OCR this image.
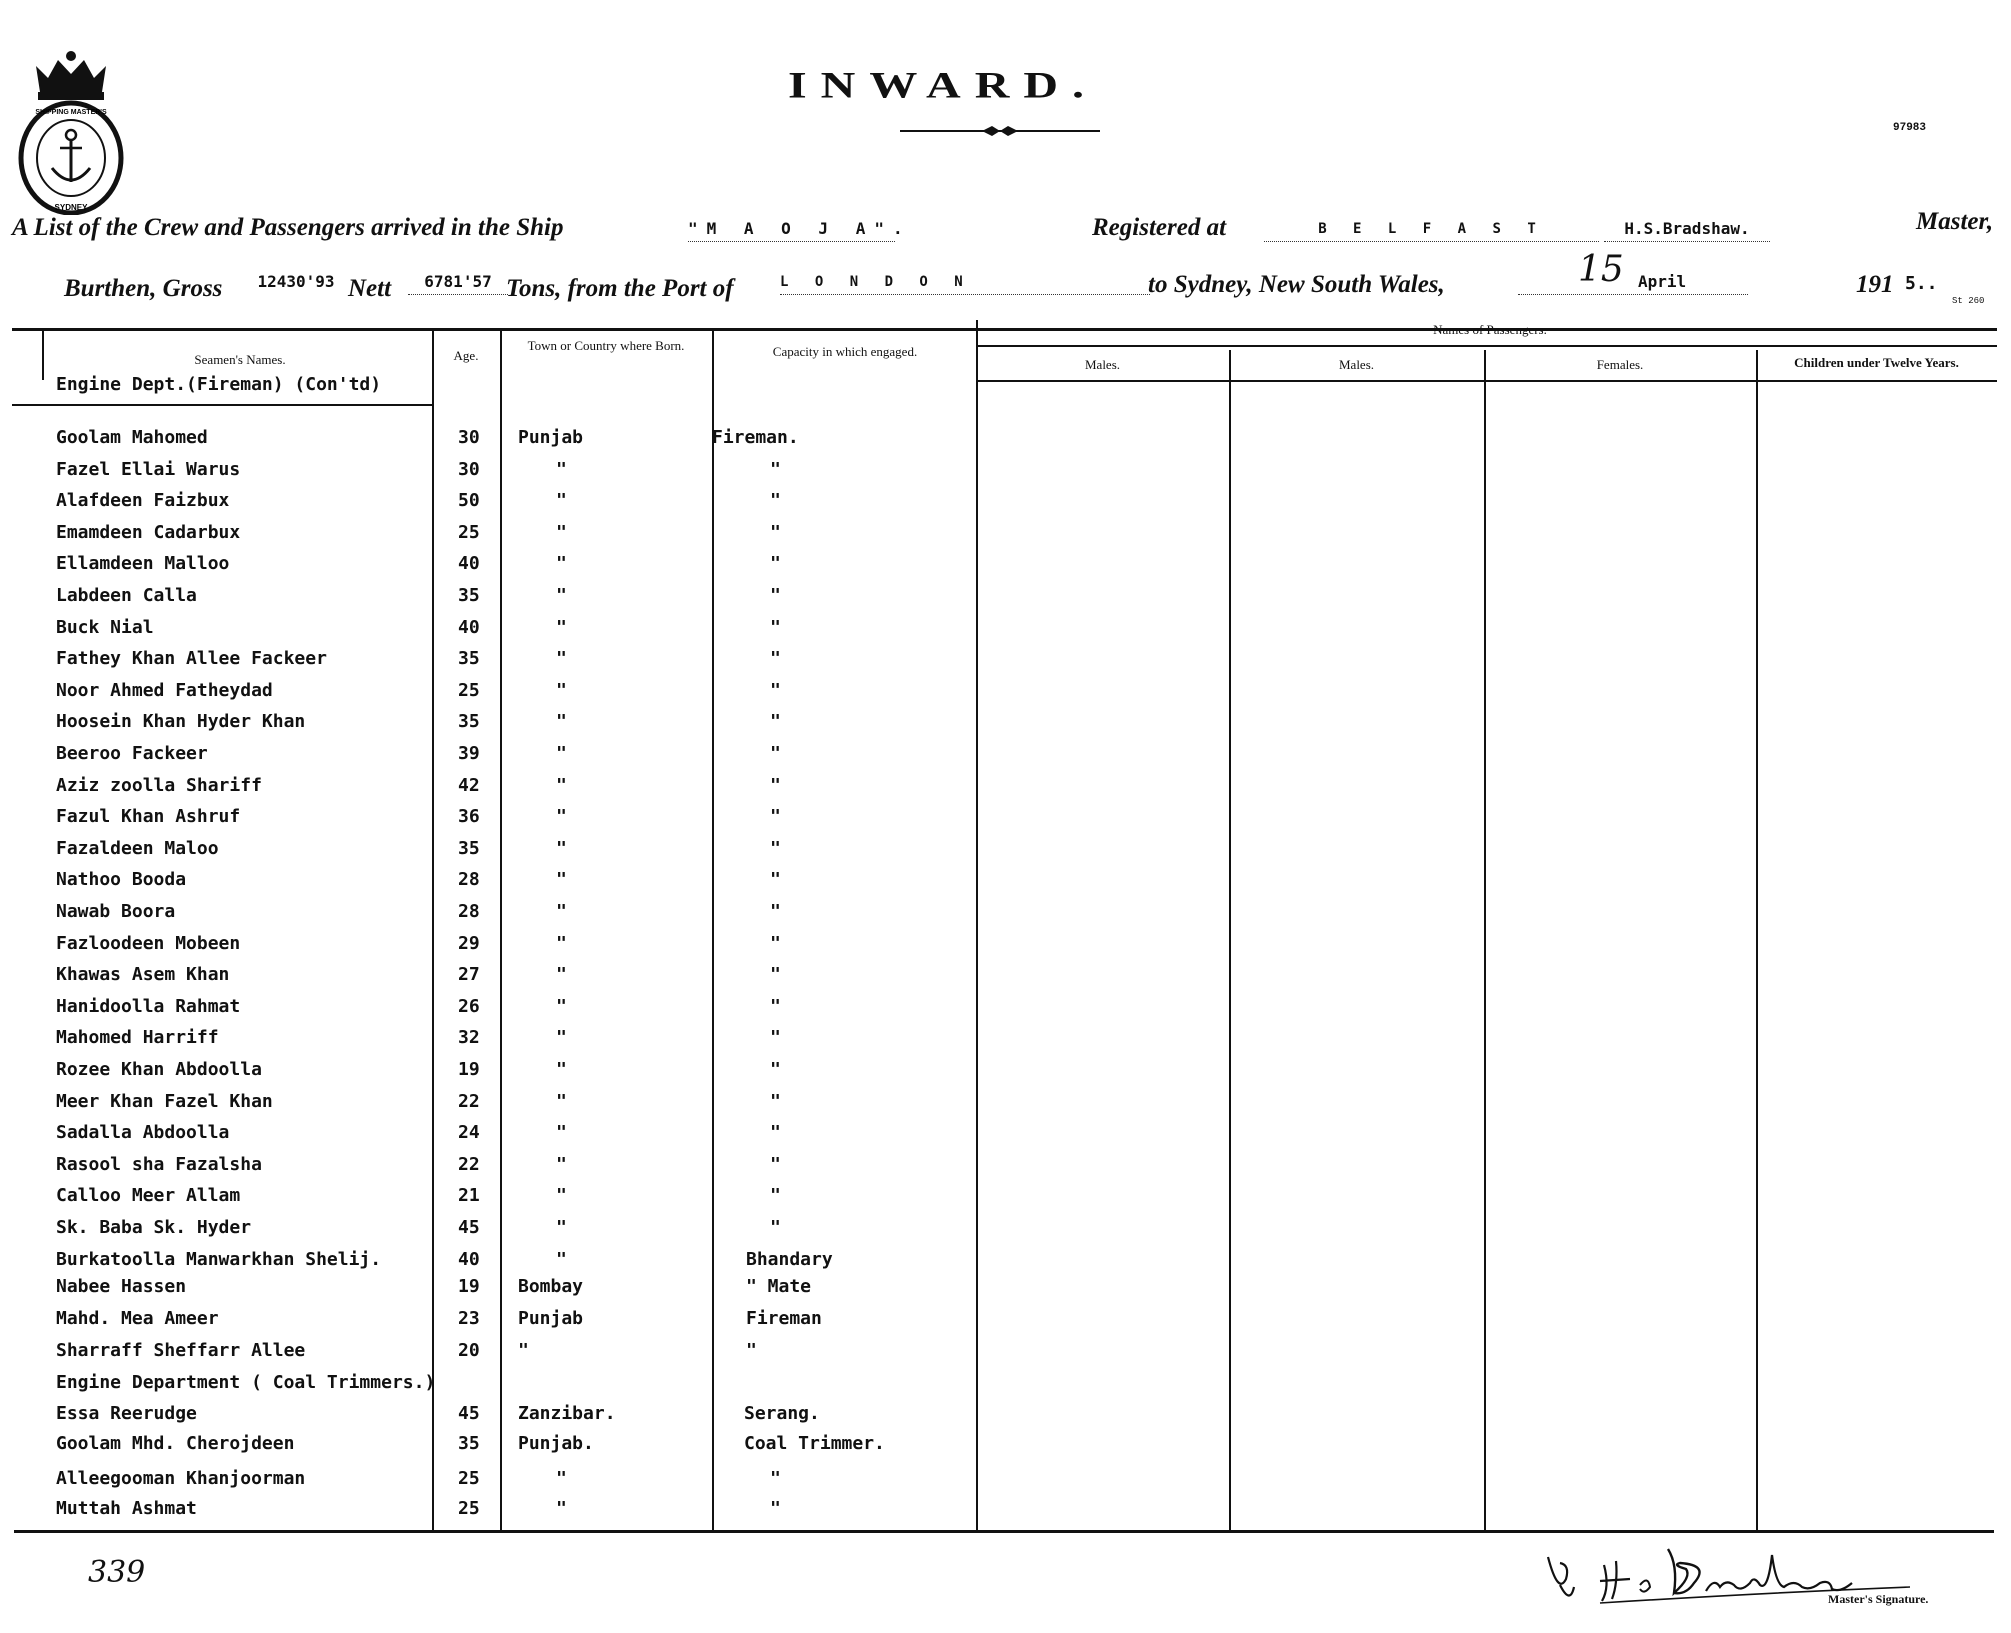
SHIPPING MASTER'S
SYDNEY
97983
INWARD.
A List of the Crew and Passengers arrived in the Ship	"M A O J A".	Registered at	B E L F A S T	H.S.Bradshaw.	Master,
Burthen, Gross	12430'93 Nett	6781'57 Tons, from the Port of	L O N D O N	to Sydney, New South Wales,	15 April	191 5..
St 260
Seamen's Names.	Age.
Town or Country where Born.	Capacity in which engaged.
Names of Passengers.
Males.	Males.	Females.	Children under Twelve Years.
Engine Dept.(Fireman) (Con'td)
Goolam Mahomed	30 Punjab	Fireman.
Fazel Ellai Warus	30	"	"
Alafdeen Faizbux	50	"	"
Emamdeen Cadarbux	25	"	"
Ellamdeen Malloo	40	"	"
Labdeen Calla	35	"	"
Buck Nial	40	"	"
Fathey Khan Allee Fackeer	35	"	"
Noor Ahmed Fatheydad	25	"	"
Hoosein Khan Hyder Khan	35	"	"
Beeroo Fackeer	39	"	"
Aziz zoolla Shariff	42	"	"
Fazul Khan Ashruf	36	"	"
Fazaldeen Maloo	35	"	"
Nathoo Booda	28	"	"
Nawab Boora	28	"	"
Fazloodeen Mobeen	29	"	"
Khawas Asem Khan	27	"	"
Hanidoolla Rahmat	26	"	"
Mahomed Harriff	32	"	"
Rozee Khan Abdoolla	19	"	"
Meer Khan Fazel Khan	22	"	"
Sadalla Abdoolla	24	"	"
Rasool sha Fazalsha	22	"	"
Calloo Meer Allam	21	"	"
Sk. Baba Sk. Hyder	45	"	"
Burkatoolla Manwarkhan Shelij.	40	"	Bhandary
Nabee Hassen	19 Bombay	" Mate
Mahd. Mea Ameer	23 Punjab	Fireman
Sharraff Sheffarr Allee	20 "	"
Engine Department ( Coal Trimmers.)
Essa Reerudge	45 Zanzibar.	Serang.
Goolam Mhd. Cherojdeen	35 Punjab.	Coal Trimmer.
Alleegooman Khanjoorman	25	"	"
Muttah Ashmat	25	"	"
339
Master's Signature.
